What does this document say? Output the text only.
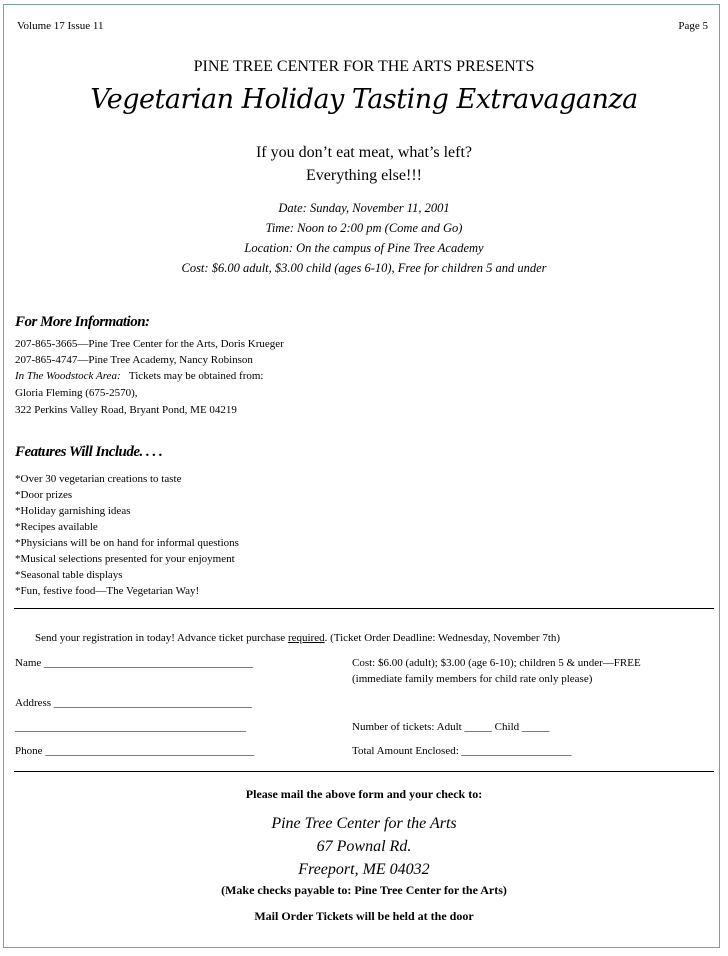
Volume 17 Issue 11	Page 5
PINE TREE CENTER FOR THE ARTS PRESENTS
Vegetarian Holiday Tasting Extravaganza
If you don’t eat meat, what’s left?
Everything else!!!
Date: Sunday, November 11, 2001
Time: Noon to 2:00 pm (Come and Go)
Location: On the campus of Pine Tree Academy
Cost: $6.00 adult, $3.00 child (ages 6-10), Free for children 5 and under
For More Information:
207-865-3665—Pine Tree Center for the Arts, Doris Krueger
207-865-4747—Pine Tree Academy, Nancy Robinson
In The Woodstock Area: Tickets may be obtained from:
Gloria Fleming (675-2570),
322 Perkins Valley Road, Bryant Pond, ME 04219
Features Will Include. . . .
*Over 30 vegetarian creations to taste
*Door prizes
*Holiday garnishing ideas
*Recipes available
*Physicians will be on hand for informal questions
*Musical selections presented for your enjoyment
*Seasonal table displays
*Fun, festive food—The Vegetarian Way!
Send your registration in today! Advance ticket purchase required. (Ticket Order Deadline: Wednesday, November 7th)
Name ______________________________________	Cost: $6.00 (adult); $3.00 (age 6-10); children 5 & under—FREE
(immediate family members for child rate only please)
Address ____________________________________
__________________________________________	Number of tickets: Adult _____ Child _____
Phone ______________________________________	Total Amount Enclosed: ____________________
Please mail the above form and your check to:
Pine Tree Center for the Arts
67 Pownal Rd.
Freeport, ME 04032
(Make checks payable to: Pine Tree Center for the Arts)
Mail Order Tickets will be held at the door
